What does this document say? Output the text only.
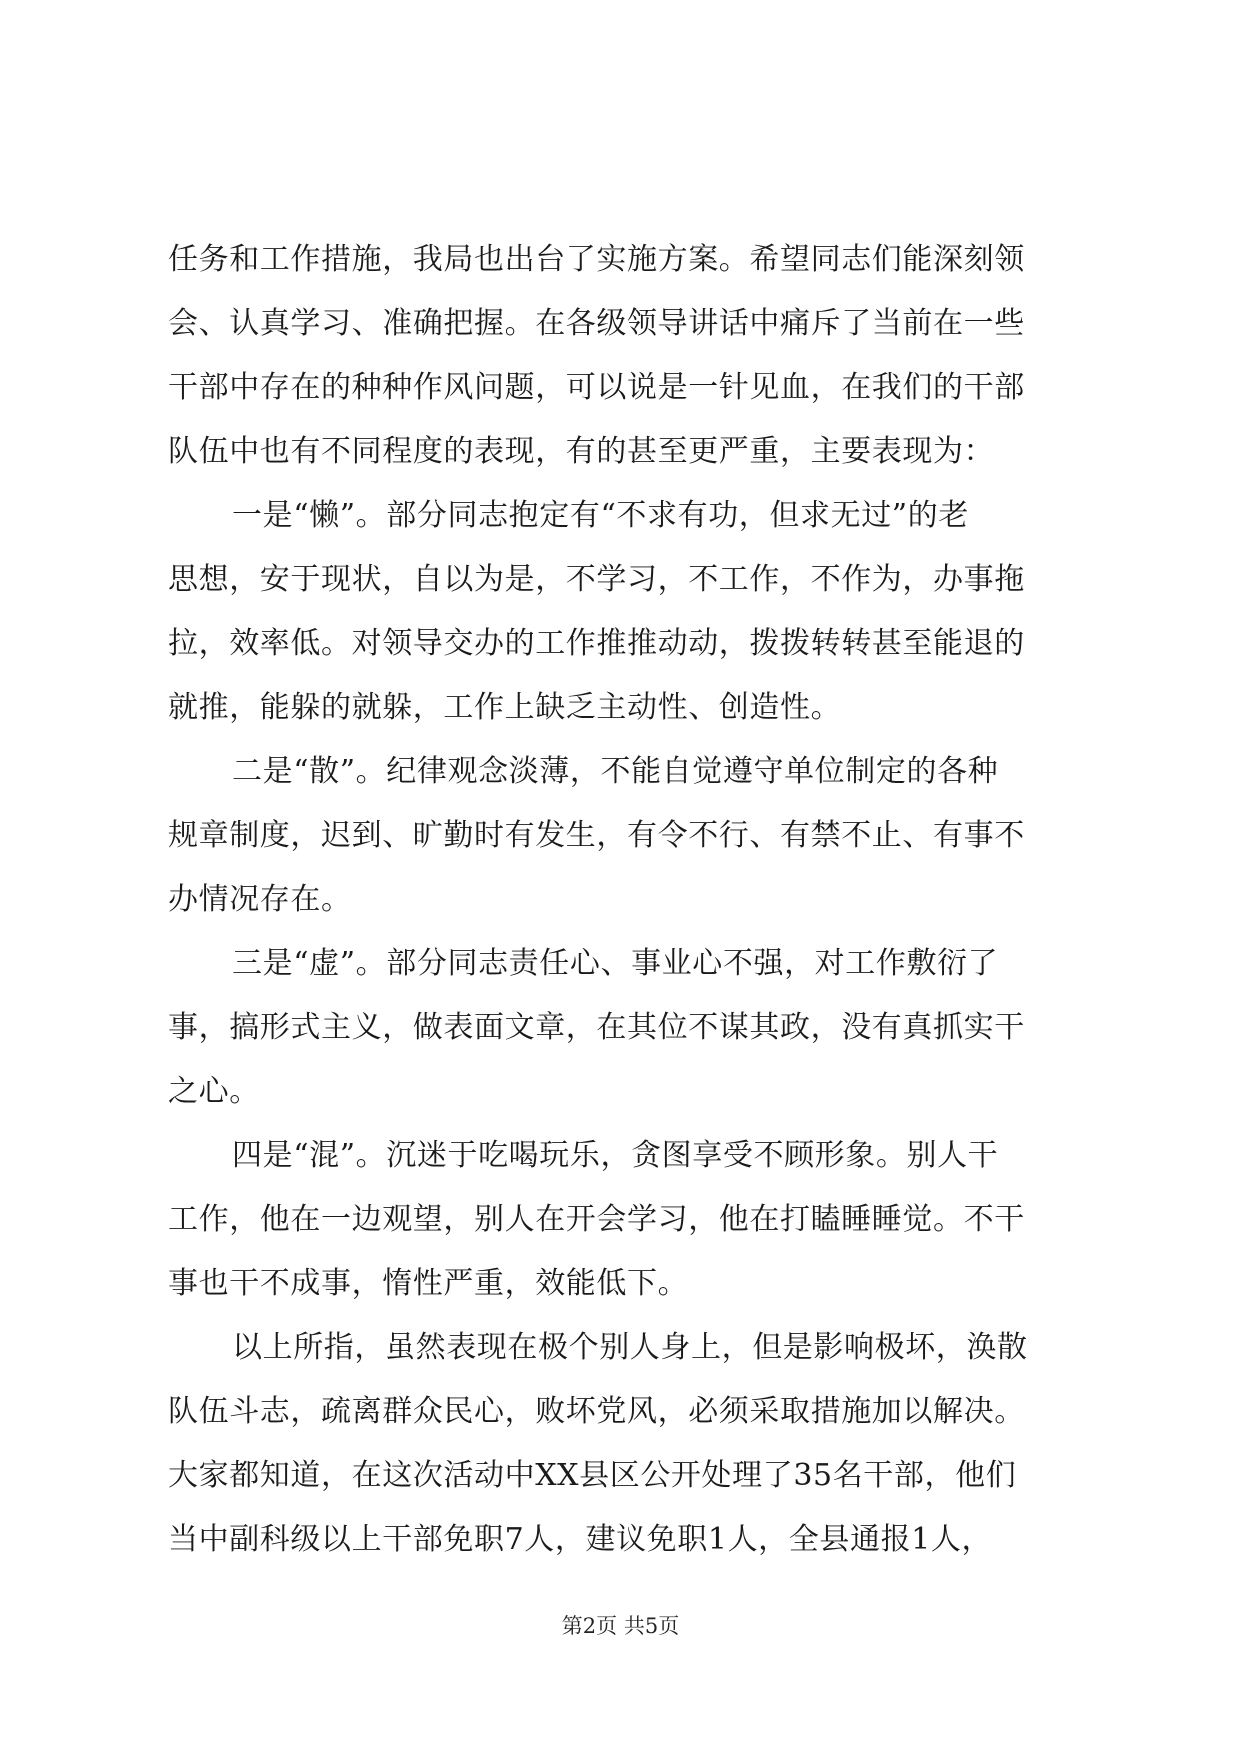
任务和工作措施，我局也出台了实施方案。希望同志们能深刻领
会、认真学习、准确把握。在各级领导讲话中痛斥了当前在一些
干部中存在的种种作风问题，可以说是一针见血，在我们的干部
队伍中也有不同程度的表现，有的甚至更严重，主要表现为：
一是“懒”。部分同志抱定有“不求有功，但求无过”的老
思想，安于现状，自以为是，不学习，不工作，不作为，办事拖
拉，效率低。对领导交办的工作推推动动，拨拨转转甚至能退的
就推，能躲的就躲，工作上缺乏主动性、创造性。
二是“散”。纪律观念淡薄，不能自觉遵守单位制定的各种
规章制度，迟到、旷勤时有发生，有令不行、有禁不止、有事不
办情况存在。
三是“虚”。部分同志责任心、事业心不强，对工作敷衍了
事，搞形式主义，做表面文章，在其位不谋其政，没有真抓实干
之心。
四是“混”。沉迷于吃喝玩乐，贪图享受不顾形象。别人干
工作，他在一边观望，别人在开会学习，他在打瞌睡睡觉。不干
事也干不成事，惰性严重，效能低下。
以上所指，虽然表现在极个别人身上，但是影响极坏，涣散
队伍斗志，疏离群众民心，败坏党风，必须采取措施加以解决。
大家都知道，在这次活动中XX县区公开处理了35名干部，他们
当中副科级以上干部免职7人，建议免职1人，全县通报1人，
第2页 共5页
